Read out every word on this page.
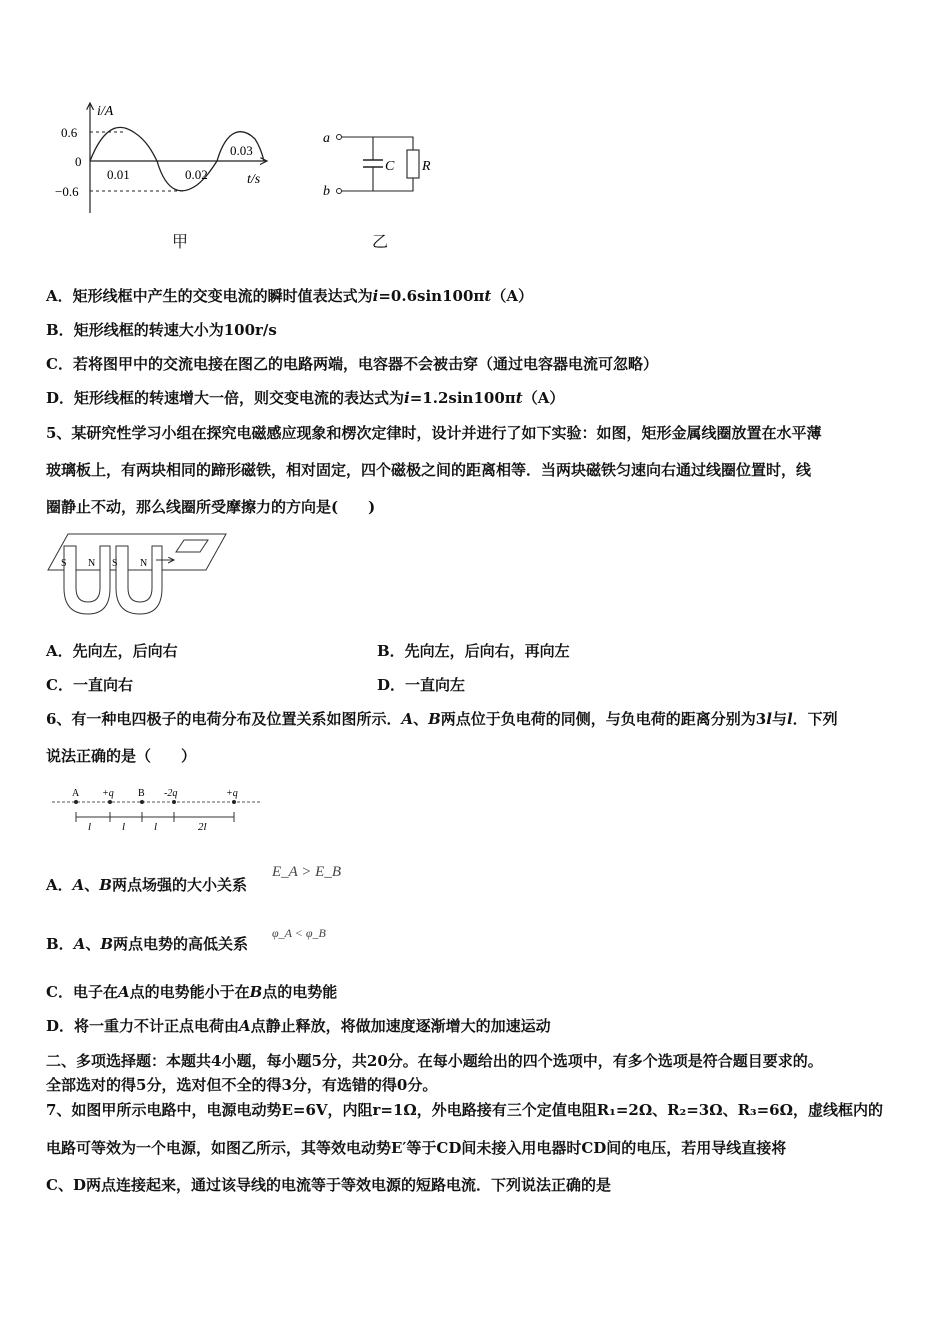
i/A
0.6
0
−0.6
0.01	0.02
0.03
t/s
甲
a
b
C R
乙
A．矩形线框中产生的交变电流的瞬时值表达式为i=0.6sin100πt（A）
B．矩形线框的转速大小为100r/s
C．若将图甲中的交流电接在图乙的电路两端，电容器不会被击穿（通过电容器电流可忽略）
D．矩形线框的转速增大一倍，则交变电流的表达式为i=1.2sin100πt（A）
5、某研究性学习小组在探究电磁感应现象和楞次定律时，设计并进行了如下实验：如图，矩形金属线圈放置在水平薄
玻璃板上，有两块相同的蹄形磁铁，相对固定，四个磁极之间的距离相等．当两块磁铁匀速向右通过线圈位置时，线
圈静止不动，那么线圈所受摩擦力的方向是(　　)
S N S N
A．先向左，后向右	B．先向左，后向右，再向左
C．一直向右	D．一直向左
6、有一种电四极子的电荷分布及位置关系如图所示．A、B两点位于负电荷的同侧，与负电荷的距离分别为3l与l．下列
说法正确的是（　　）
A +q B -2q	+q
l	l	l	2l
A．A、B两点场强的大小关系
E_A > E_B
B．A、B两点电势的高低关系
φ_A < φ_B
C．电子在A点的电势能小于在B点的电势能
D．将一重力不计正点电荷由A点静止释放，将做加速度逐渐增大的加速运动
二、多项选择题：本题共4小题，每小题5分，共20分。在每小题给出的四个选项中，有多个选项是符合题目要求的。
全部选对的得5分，选对但不全的得3分，有选错的得0分。
7、如图甲所示电路中，电源电动势E=6V，内阻r=1Ω，外电路接有三个定值电阻R₁=2Ω、R₂=3Ω、R₃=6Ω，虚线框内的
电路可等效为一个电源，如图乙所示，其等效电动势E′等于CD间未接入用电器时CD间的电压，若用导线直接将
C、D两点连接起来，通过该导线的电流等于等效电源的短路电流．下列说法正确的是
